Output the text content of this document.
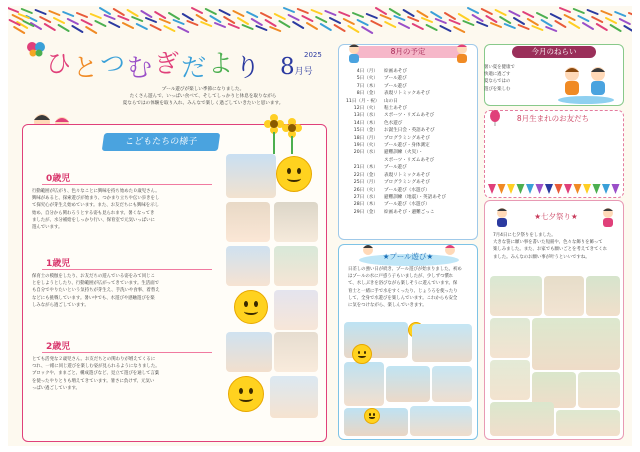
ひとつむぎだより	2025
8月号
プール遊びが楽しい季節になりました。
たくさん遊んで、いっぱい食べて、そしてしっかりと休息を取りながら
夏ならではの体験を取り入れ、みんなで楽しく過ごしていきたいと思います。
こどもたちの様子
0歳児
行動範囲が広がり、色々なことに興味を持ち始めた０歳児さん。
興味があると、探索遊びが始まり、つかまり立ちや伝い歩きをし
て探究心が芽生え始めています。また、お友だちにも興味を示し
始め、自分から関わろうとする姿も見られます。暑くなってき
ましたが、水分補給をしっかり行い、保育室で元気いっぱいに
遊んでいます。
1歳児
保育士の模倣をしたり、お友だちの遊んでいる姿をみて同じこ
とをしようとしたり、行動範囲が広がってきています。生活面で
も自分でやりたいという気持ちが芽生え、手洗いや食事、着替え
などにも挑戦しています。暑い中でも、水遊びや感触遊びを楽
しみながら過ごしています。
2歳児
とても活発な２歳児さん。お友だちとの関わりが増えてくるに
つれ、一緒に同じ遊びを楽しむ姿が見られるようになりました。
ブロックや、ままごと、構成遊びなど、見立て遊びを通して言葉
を使ったやりとりも増えてきています。暑さに負けず、元気い
っぱい過ごしています。
8月の予定
4日（月）	絵画あそび
5日（火）	プール遊び
7日（木）	プール遊び
8日（金）	表現リトミックあそび
11日（月・祝） 山の日
12日（火）	粘土あそび
13日（水）	スポーツ・リズムあそび
14日（木）	色水遊び
15日（金）	お誕生日会・英語あそび
18日（月）	プログラミングあそび
19日（火）	プール遊び・身体測定
20日（水）	避難訓練（火災）・
スポーツ・リズムあそび
21日（木）	プール遊び
22日（金）	表現リトミックあそび
25日（月）	プログラミングあそび
26日（火）	プール遊び（水遊び）
27日（水）	避難訓練（地震）・英語あそび
28日（木）	プール遊び（水遊び）
29日（金）	絵画あそび・避難ごっこ
今月のねらい
暑い夏を健康で
快適に過ごす
夏ならではの
遊びを楽しむ
8月生まれのお友だち
★プール遊び★
日差しの強い日が続き、プール遊びが始まりました。初め
はプールの水に戸惑う子もいましたが、少しずつ慣れ
て、水しぶきを浴びながら楽しそうに遊んでいます。保
育士と一緒に手で水をすくったり、じょうろを使ったり
して、全身で水遊びを楽しんでいます。これからも安全
に気をつけながら、楽しんでいきます。
★七夕祭り★
7月4日に七夕祭りをしました。
大きな笹に願い事を書いた短冊や、色々な飾りを飾って
楽しみました。また、お家でも願いごとを考えてきてくれ
ました。みんなのお願い事が叶うといいですね。
